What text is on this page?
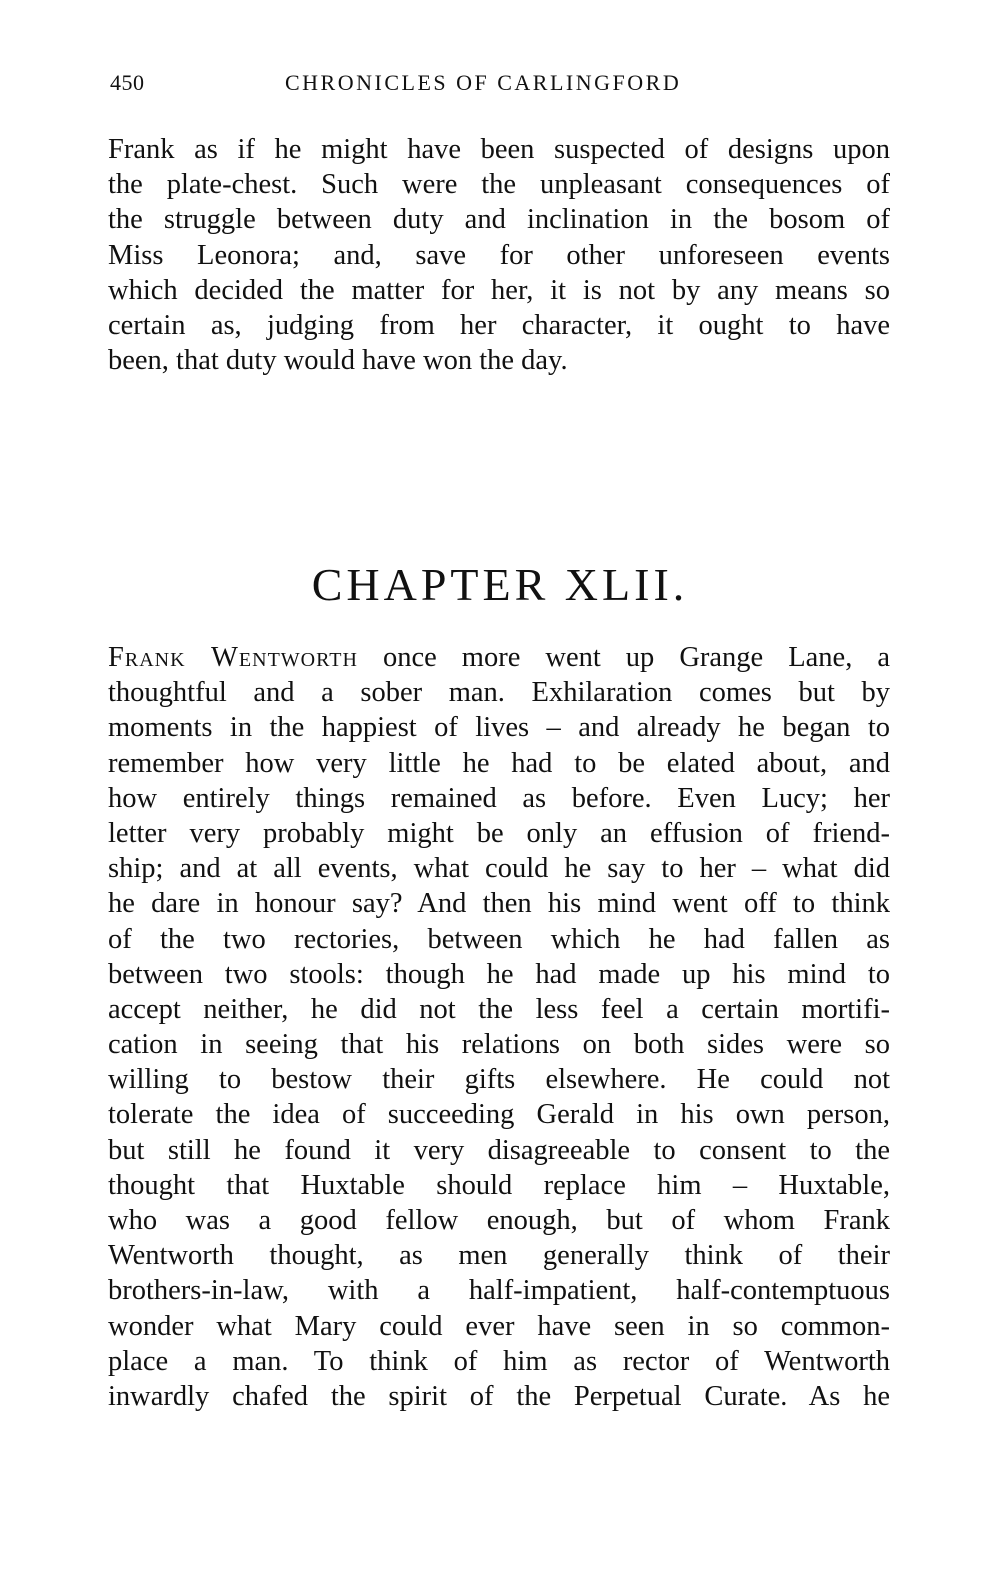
450	CHRONICLES OF CARLINGFORD
Frank as if he might have been suspected of designs upon
the plate-chest. Such were the unpleasant consequences of
the struggle between duty and inclination in the bosom of
Miss Leonora; and, save for other unforeseen events
which decided the matter for her, it is not by any means so
certain as, judging from her character, it ought to have
been, that duty would have won the day.
CHAPTER XLII.
Frank Wentworth once more went up Grange Lane, a
thoughtful and a sober man. Exhilaration comes but by
moments in the happiest of lives – and already he began to
remember how very little he had to be elated about, and
how entirely things remained as before. Even Lucy; her
letter very probably might be only an effusion of friend-
ship; and at all events, what could he say to her – what did
he dare in honour say? And then his mind went off to think
of the two rectories, between which he had fallen as
between two stools: though he had made up his mind to
accept neither, he did not the less feel a certain mortifi-
cation in seeing that his relations on both sides were so
willing to bestow their gifts elsewhere. He could not
tolerate the idea of succeeding Gerald in his own person,
but still he found it very disagreeable to consent to the
thought that Huxtable should replace him – Huxtable,
who was a good fellow enough, but of whom Frank
Wentworth thought, as men generally think of their
brothers-in-law, with a half-impatient, half-contemptuous
wonder what Mary could ever have seen in so common-
place a man. To think of him as rector of Wentworth
inwardly chafed the spirit of the Perpetual Curate. As he
